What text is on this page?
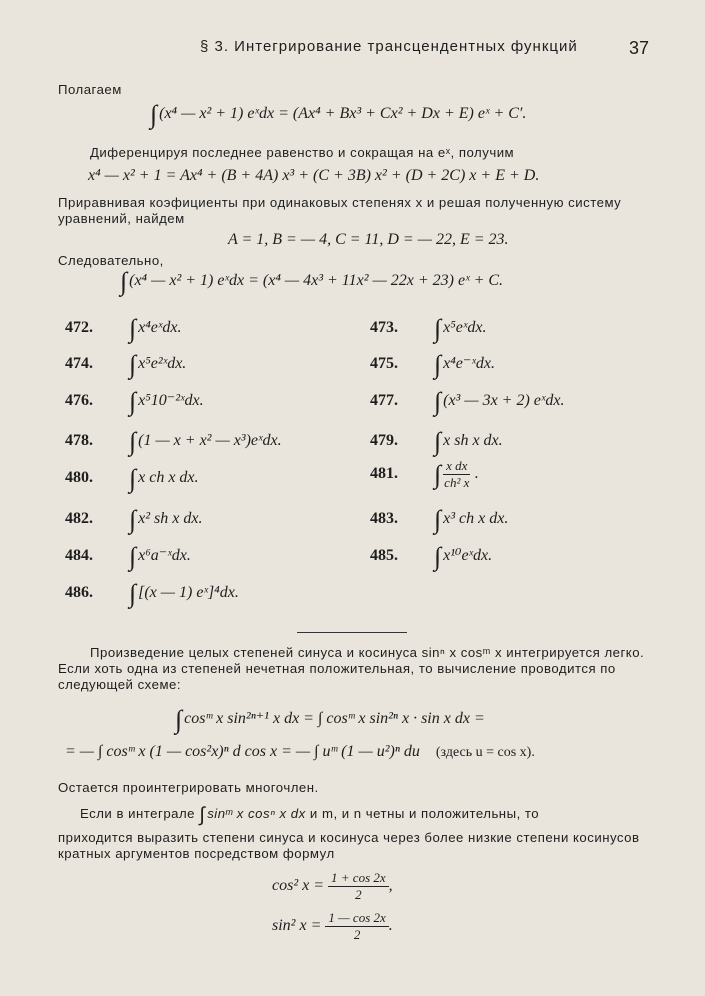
§ 3. Интегрирование трансцендентных функций	37
Полагаем
∫ (x⁴ — x² + 1) eˣdx = (Ax⁴ + Bx³ + Cx² + Dx + E) eˣ + C′.
Диференцируя последнее равенство и сокращая на eˣ, получим
x⁴ — x² + 1 = Ax⁴ + (B + 4A) x³ + (C + 3B) x² + (D + 2C) x + E + D.
Приравнивая коэфициенты при одинаковых степенях x и решая полученную систему уравнений, найдем
A = 1, B = — 4, C = 11, D = — 22, E = 23.
Следовательно,
∫ (x⁴ — x² + 1) eˣdx = (x⁴ — 4x³ + 11x² — 22x + 23) eˣ + C.
472. ∫ x⁴eˣdx.	473. ∫ x⁵eˣdx.
474. ∫ x⁵e²ˣdx.	475. ∫ x⁴e⁻ˣdx.
476. ∫ x⁵10⁻²ˣdx.	477. ∫ (x³ — 3x + 2) eˣdx.
478. ∫ (1 — x + x² — x³)eˣdx.	479. ∫ x sh x dx.
480. ∫ x ch x dx.	481. ∫ $\frac{\text{x dx}}{\text{ch² x}}$ .
482. ∫ x² sh x dx.	483. ∫ x³ ch x dx.
484. ∫ x⁶a⁻ˣdx.	485. ∫ x¹⁰eˣdx.
486. ∫ [(x — 1) eˣ]⁴dx.
Произведение целых степеней синуса и косинуса sinⁿ x cosᵐ x интегрируется легко. Если хоть одна из степеней нечетная положительная, то вычисление проводится по следующей схеме:
∫ cosᵐ x sin²ⁿ⁺¹ x dx = ∫ cosᵐ x sin²ⁿ x · sin x dx =
= — ∫ cosᵐ x (1 — cos²x)ⁿ d cos x = — ∫ uᵐ (1 — u²)ⁿ du (здесь u = cos x).
Остается проинтегрировать многочлен.
Если в интеграле ∫ sinᵐ x cosⁿ x dx и m, и n четны и положительны, то
приходится выразить степени синуса и косинуса через более низкие степени косинусов кратных аргументов посредством формул
cos² $x = \frac{1 + \cos 2x}{2}$ ,
sin² $x = \frac{1 — \cos 2x}{2}$ .
